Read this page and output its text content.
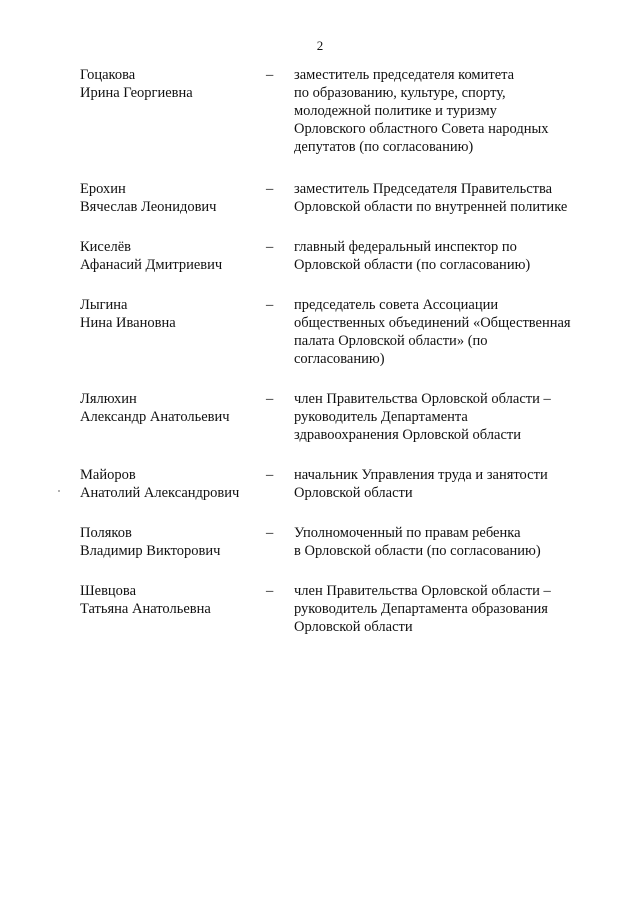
2
Гоцакова
Ирина Георгиевна
–	заместитель председателя комитета
по образованию, культуре, спорту,
молодежной политике и туризму
Орловского областного Совета народных
депутатов (по согласованию)
Ерохин
Вячеслав Леонидович
–	заместитель Председателя Правительства
Орловской области по внутренней политике
Киселёв
Афанасий Дмитриевич
–	главный федеральный инспектор по
Орловской области (по согласованию)
Лыгина
Нина Ивановна
–	председатель совета Ассоциации
общественных объединений «Общественная
палата Орловской области» (по
согласованию)
Лялюхин
Александр Анатольевич
–	член Правительства Орловской области –
руководитель Департамента
здравоохранения Орловской области
Майоров
Анатолий Александрович
–	начальник Управления труда и занятости
Орловской области
Поляков
Владимир Викторович
–	Уполномоченный по правам ребенка
в Орловской области (по согласованию)
Шевцова
Татьяна Анатольевна
–	член Правительства Орловской области –
руководитель Департамента образования
Орловской области
